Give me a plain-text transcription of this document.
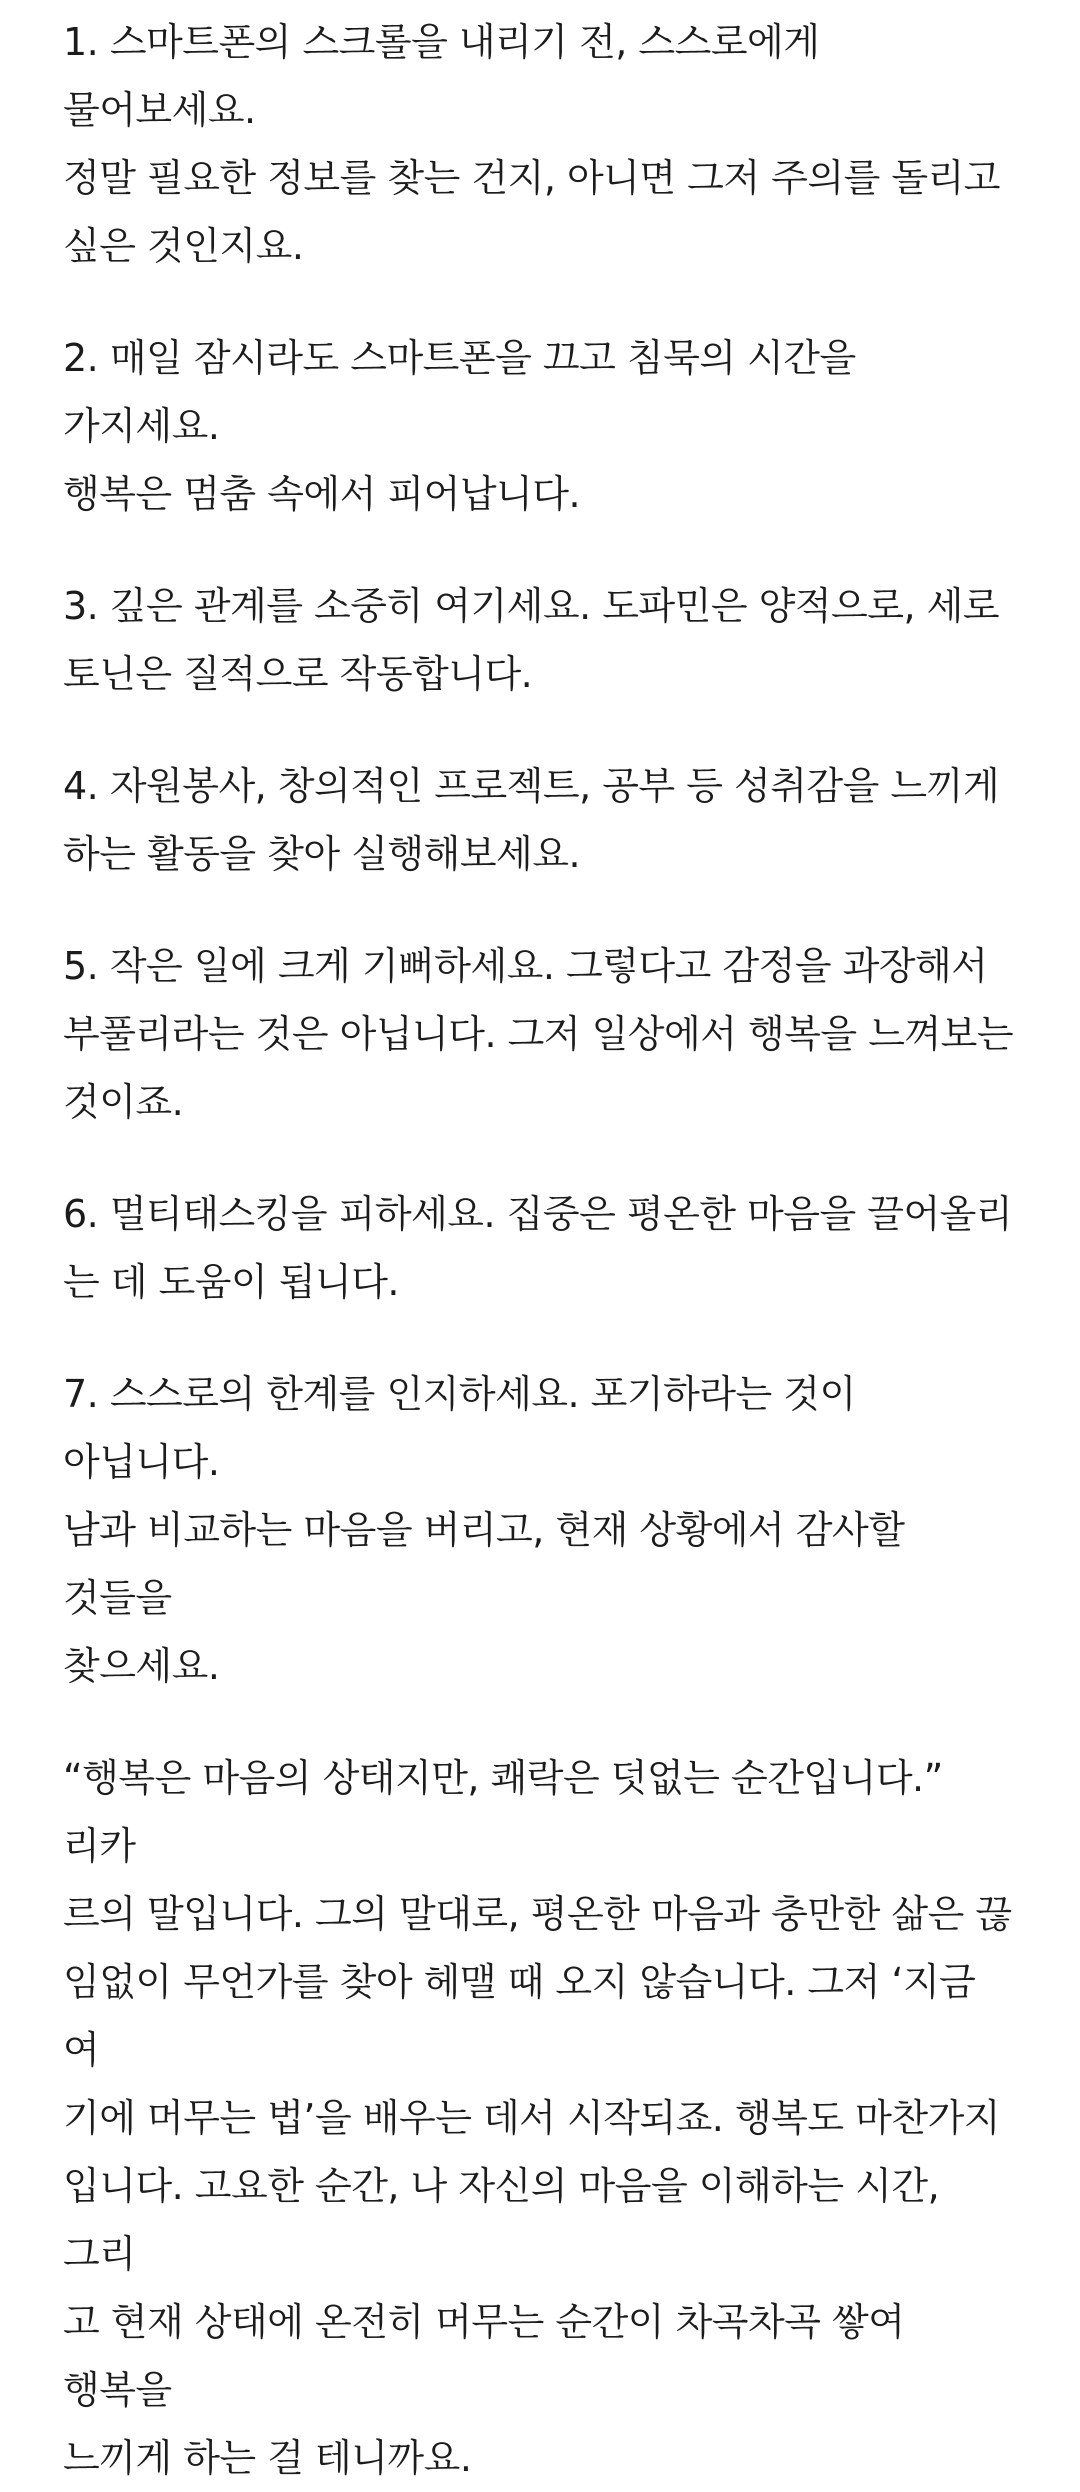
1. 스마트폰의 스크롤을 내리기 전, 스스로에게 물어보세요.
정말 필요한 정보를 찾는 건지, 아니면 그저 주의를 돌리고
싶은 것인지요.

2. 매일 잠시라도 스마트폰을 끄고 침묵의 시간을 가지세요.
행복은 멈춤 속에서 피어납니다.

3. 깊은 관계를 소중히 여기세요. 도파민은 양적으로, 세로
토닌은 질적으로 작동합니다.

4. 자원봉사, 창의적인 프로젝트, 공부 등 성취감을 느끼게
하는 활동을 찾아 실행해보세요.

5. 작은 일에 크게 기뻐하세요. 그렇다고 감정을 과장해서
부풀리라는 것은 아닙니다. 그저 일상에서 행복을 느껴보는
것이죠.

6. 멀티태스킹을 피하세요. 집중은 평온한 마음을 끌어올리
는 데 도움이 됩니다.

7. 스스로의 한계를 인지하세요. 포기하라는 것이 아닙니다.
남과 비교하는 마음을 버리고, 현재 상황에서 감사할 것들을
찾으세요.

“행복은 마음의 상태지만, 쾌락은 덧없는 순간입니다.” 리카
르의 말입니다. 그의 말대로, 평온한 마음과 충만한 삶은 끊
임없이 무언가를 찾아 헤맬 때 오지 않습니다. 그저 ‘지금 여
기에 머무는 법’을 배우는 데서 시작되죠. 행복도 마찬가지
입니다. 고요한 순간, 나 자신의 마음을 이해하는 시간, 그리
고 현재 상태에 온전히 머무는 순간이 차곡차곡 쌓여 행복을
느끼게 하는 걸 테니까요.
